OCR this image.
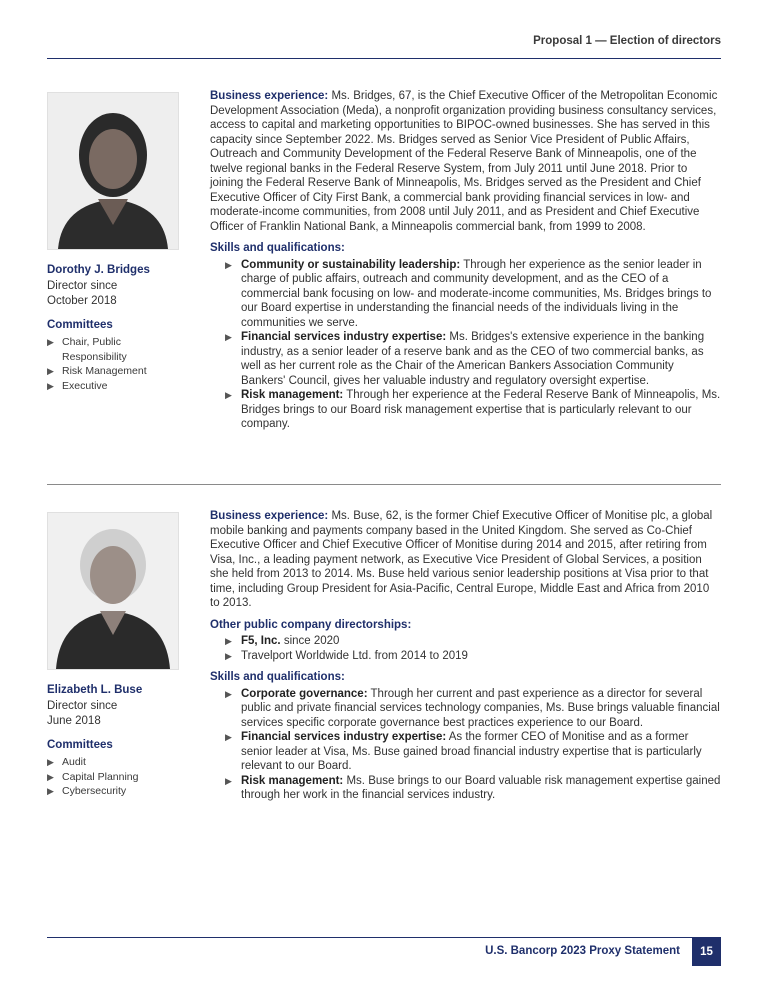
Proposal 1 — Election of directors
Dorothy J. Bridges
Director since
October 2018
Committees
▶ Chair, Public Responsibility
▶ Risk Management
▶ Executive

Business experience: Ms. Bridges, 67, is the Chief Executive Officer of the Metropolitan Economic Development Association (Meda), a nonprofit organization providing business consultancy services, access to capital and marketing opportunities to BIPOC-owned businesses. She has served in this capacity since September 2022. Ms. Bridges served as Senior Vice President of Public Affairs, Outreach and Community Development of the Federal Reserve Bank of Minneapolis, one of the twelve regional banks in the Federal Reserve System, from July 2011 until June 2018. Prior to joining the Federal Reserve Bank of Minneapolis, Ms. Bridges served as the President and Chief Executive Officer of City First Bank, a commercial bank providing financial services in low- and moderate-income communities, from 2008 until July 2011, and as President and Chief Executive Officer of Franklin National Bank, a Minneapolis commercial bank, from 1999 to 2008.

Skills and qualifications:
▶ Community or sustainability leadership: Through her experience as the senior leader in charge of public affairs, outreach and community development, and as the CEO of a commercial bank focusing on low- and moderate-income communities, Ms. Bridges brings to our Board expertise in understanding the financial needs of the individuals living in the communities we serve.
▶ Financial services industry expertise: Ms. Bridges's extensive experience in the banking industry, as a senior leader of a reserve bank and as the CEO of two commercial banks, as well as her current role as the Chair of the American Bankers Association Community Bankers' Council, gives her valuable industry and regulatory oversight expertise.
▶ Risk management: Through her experience at the Federal Reserve Bank of Minneapolis, Ms. Bridges brings to our Board risk management expertise that is particularly relevant to our company.
Elizabeth L. Buse
Director since
June 2018
Committees
▶ Audit
▶ Capital Planning
▶ Cybersecurity

Business experience: Ms. Buse, 62, is the former Chief Executive Officer of Monitise plc, a global mobile banking and payments company based in the United Kingdom. She served as Co-Chief Executive Officer and Chief Executive Officer of Monitise during 2014 and 2015, after retiring from Visa, Inc., a leading payment network, as Executive Vice President of Global Services, a position she held from 2013 to 2014. Ms. Buse held various senior leadership positions at Visa prior to that time, including Group President for Asia-Pacific, Central Europe, Middle East and Africa from 2010 to 2013.

Other public company directorships:
▶ F5, Inc. since 2020
▶ Travelport Worldwide Ltd. from 2014 to 2019
Skills and qualifications:
▶ Corporate governance: Through her current and past experience as a director for several public and private financial services technology companies, Ms. Buse brings valuable financial services specific corporate governance best practices experience to our Board.
▶ Financial services industry expertise: As the former CEO of Monitise and as a former senior leader at Visa, Ms. Buse gained broad financial industry expertise that is particularly relevant to our Board.
▶ Risk management: Ms. Buse brings to our Board valuable risk management expertise gained through her work in the financial services industry.
U.S. Bancorp 2023 Proxy Statement	15
